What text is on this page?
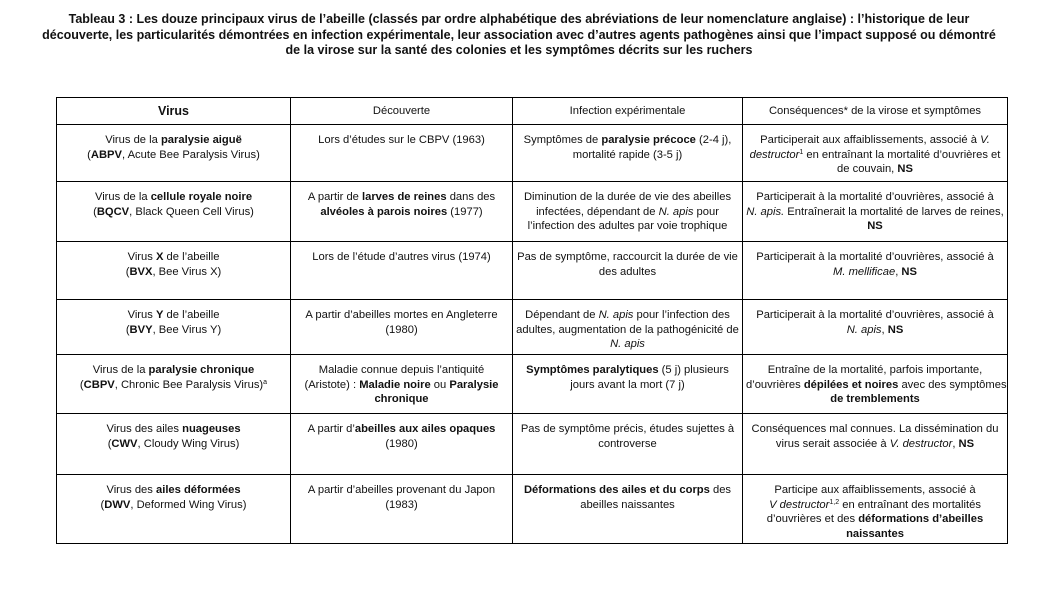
Tableau 3 : Les douze principaux virus de l’abeille (classés par ordre alphabétique des abréviations de leur nomenclature anglaise) : l’historique de leur
découverte, les particularités démontrées en infection expérimentale, leur association avec d’autres agents pathogènes ainsi que l’impact supposé ou démontré
de la virose sur la santé des colonies et les symptômes décrits sur les ruchers
Virus	Découverte	Infection expérimentale	Conséquences* de la virose et symptômes

Virus de la paralysie aiguë
(ABPV, Acute Bee Paralysis Virus)	Lors d’études sur le CBPV (1963)	Symptômes de paralysie précoce (2-4 j),
mortalité rapide (3-5 j)	Participerait aux affaiblissements, associé à V.
destructor$^1$ en entraînant la mortalité d’ouvrières et
de couvain, NS

Virus de la cellule royale noire
(BQCV, Black Queen Cell Virus)	A partir de larves de reines dans des
alvéoles à parois noires (1977)	Diminution de la durée de vie des abeilles
infectées, dépendant de N. apis pour
l’infection des adultes par voie trophique	Participerait à la mortalité d’ouvrières, associé à
N. apis. Entraînerait la mortalité de larves de reines,
NS

Virus X de l’abeille
(BVX, Bee Virus X)	Lors de l’étude d’autres virus (1974)	Pas de symptôme, raccourcit la durée de vie
des adultes	Participerait à la mortalité d’ouvrières, associé à
M. mellificae, NS

Virus Y de l’abeille
(BVY, Bee Virus Y)	A partir d’abeilles mortes en Angleterre
(1980)	Dépendant de N. apis pour l’infection des
adultes, augmentation de la pathogénicité de
N. apis	Participerait à la mortalité d’ouvrières, associé à
N. apis, NS

Virus de la paralysie chronique
(CBPV, Chronic Bee Paralysis Virus)$^a$	Maladie connue depuis l’antiquité
(Aristote) : Maladie noire ou Paralysie
chronique	Symptômes paralytiques (5 j) plusieurs
jours avant la mort (7 j)	Entraîne de la mortalité, parfois importante,
d’ouvrières dépilées et noires avec des symptômes
de tremblements

Virus des ailes nuageuses
(CWV, Cloudy Wing Virus)	A partir d’abeilles aux ailes opaques
(1980)	Pas de symptôme précis, études sujettes à
controverse	Conséquences mal connues. La dissémination du
virus serait associée à V. destructor, NS

Virus des ailes déformées
(DWV, Deformed Wing Virus)	A partir d’abeilles provenant du Japon
(1983)	Déformations des ailes et du corps des
abeilles naissantes	Participe aux affaiblissements, associé à
V destructor$^{1,2}$ en entraînant des mortalités
d’ouvrières et des déformations d’abeilles
naissantes
